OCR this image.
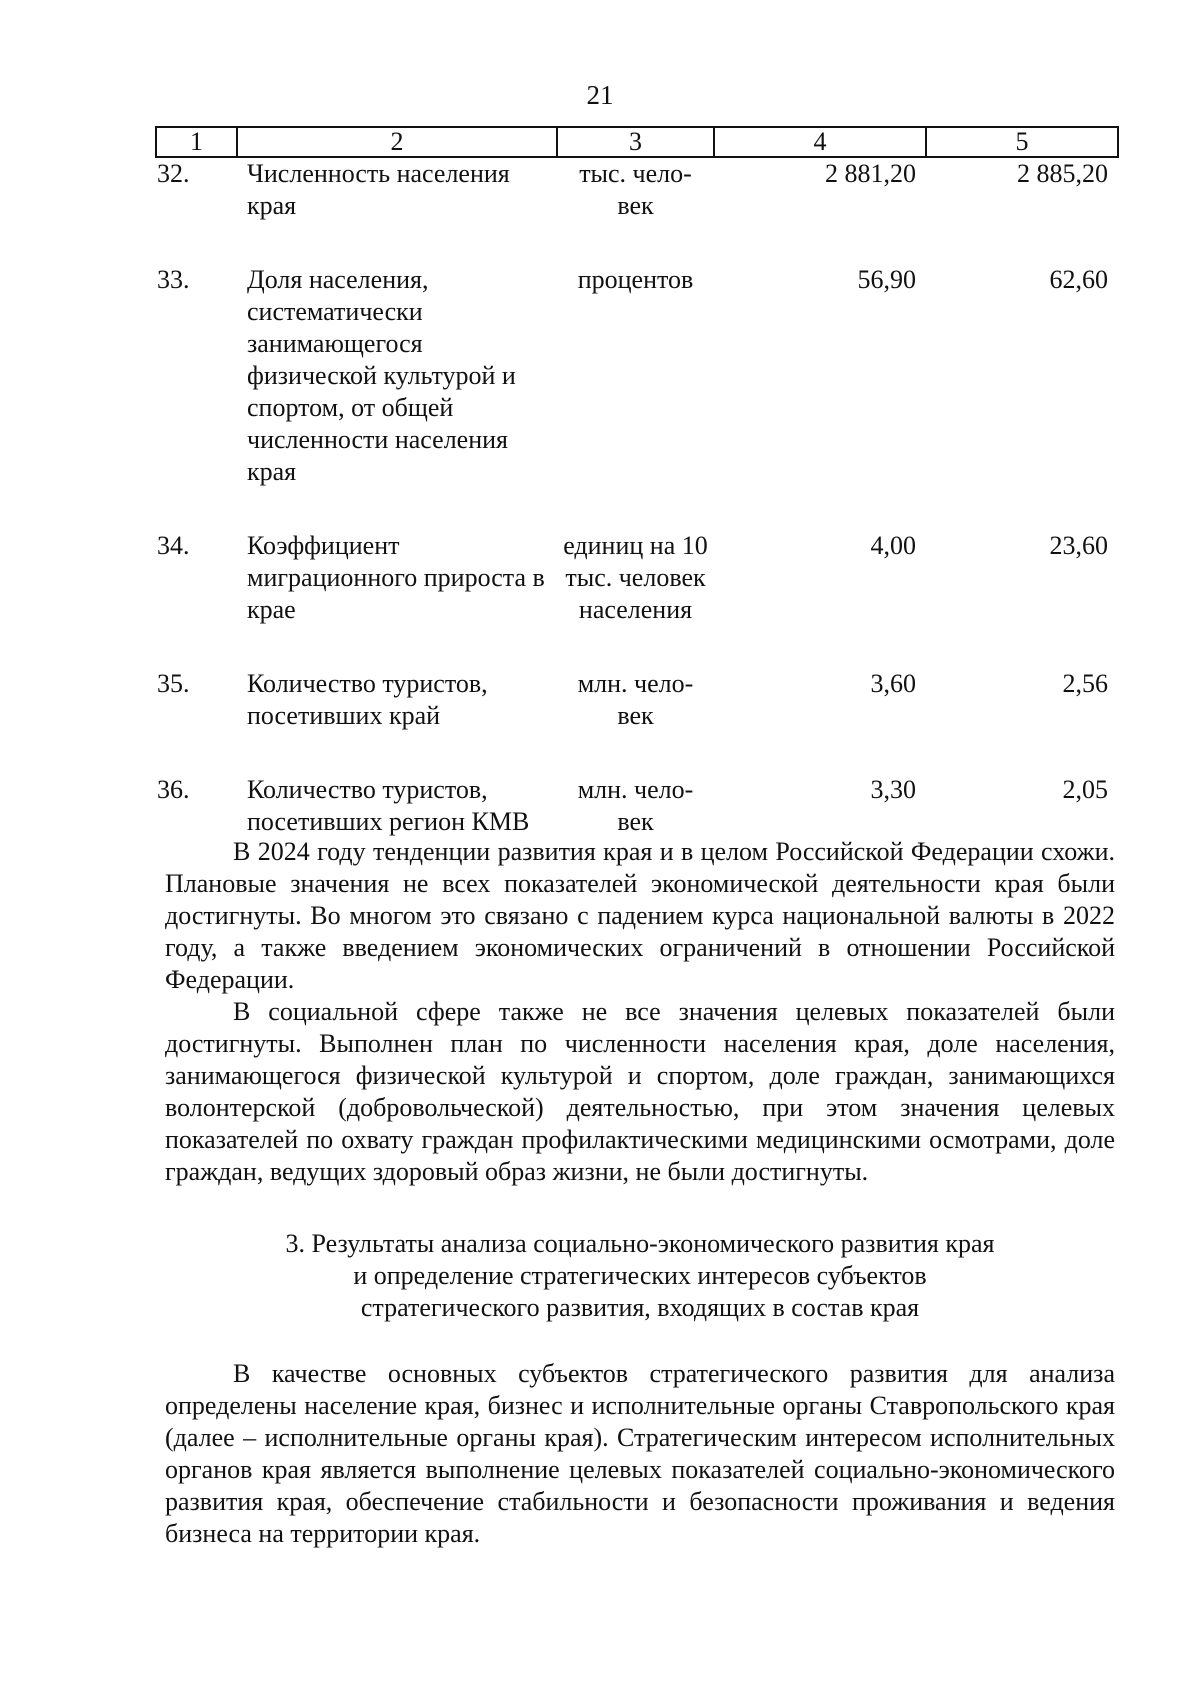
21
1	2	3	4	5
32.	Численность населения края	тыс. чело-век	2 881,20	2 885,20
33.	Доля населения, систематически занимающегося физической культурой и спортом, от общей численности населения края	процентов	56,90	62,60
34.	Коэффициент миграционного прироста в крае	единиц на 10 тыс. человек населения	4,00	23,60
35.	Количество туристов, посетивших край	млн. чело-век	3,60	2,56
36.	Количество туристов, посетивших регион КМВ	млн. чело-век	3,30	2,05

В 2024 году тенденции развития края и в целом Российской Федерации схожи. Плановые значения не всех показателей экономической деятельности края были достигнуты. Во многом это связано с падением курса национальной валюты в 2022 году, а также введением экономических ограничений в отношении Российской Федерации.

В социальной сфере также не все значения целевых показателей были достигнуты. Выполнен план по численности населения края, доле населения, занимающегося физической культурой и спортом, доле граждан, занимающихся волонтерской (добровольческой) деятельностью, при этом значения целевых показателей по охвату граждан профилактическими медицинскими осмотрами, доле граждан, ведущих здоровый образ жизни, не были достигнуты.

3. Результаты анализа социально-экономического развития края
и определение стратегических интересов субъектов
стратегического развития, входящих в состав края

В качестве основных субъектов стратегического развития для анализа определены население края, бизнес и исполнительные органы Ставропольского края (далее – исполнительные органы края). Стратегическим интересом исполнительных органов края является выполнение целевых показателей социально-экономического развития края, обеспечение стабильности и безопасности проживания и ведения бизнеса на территории края.
